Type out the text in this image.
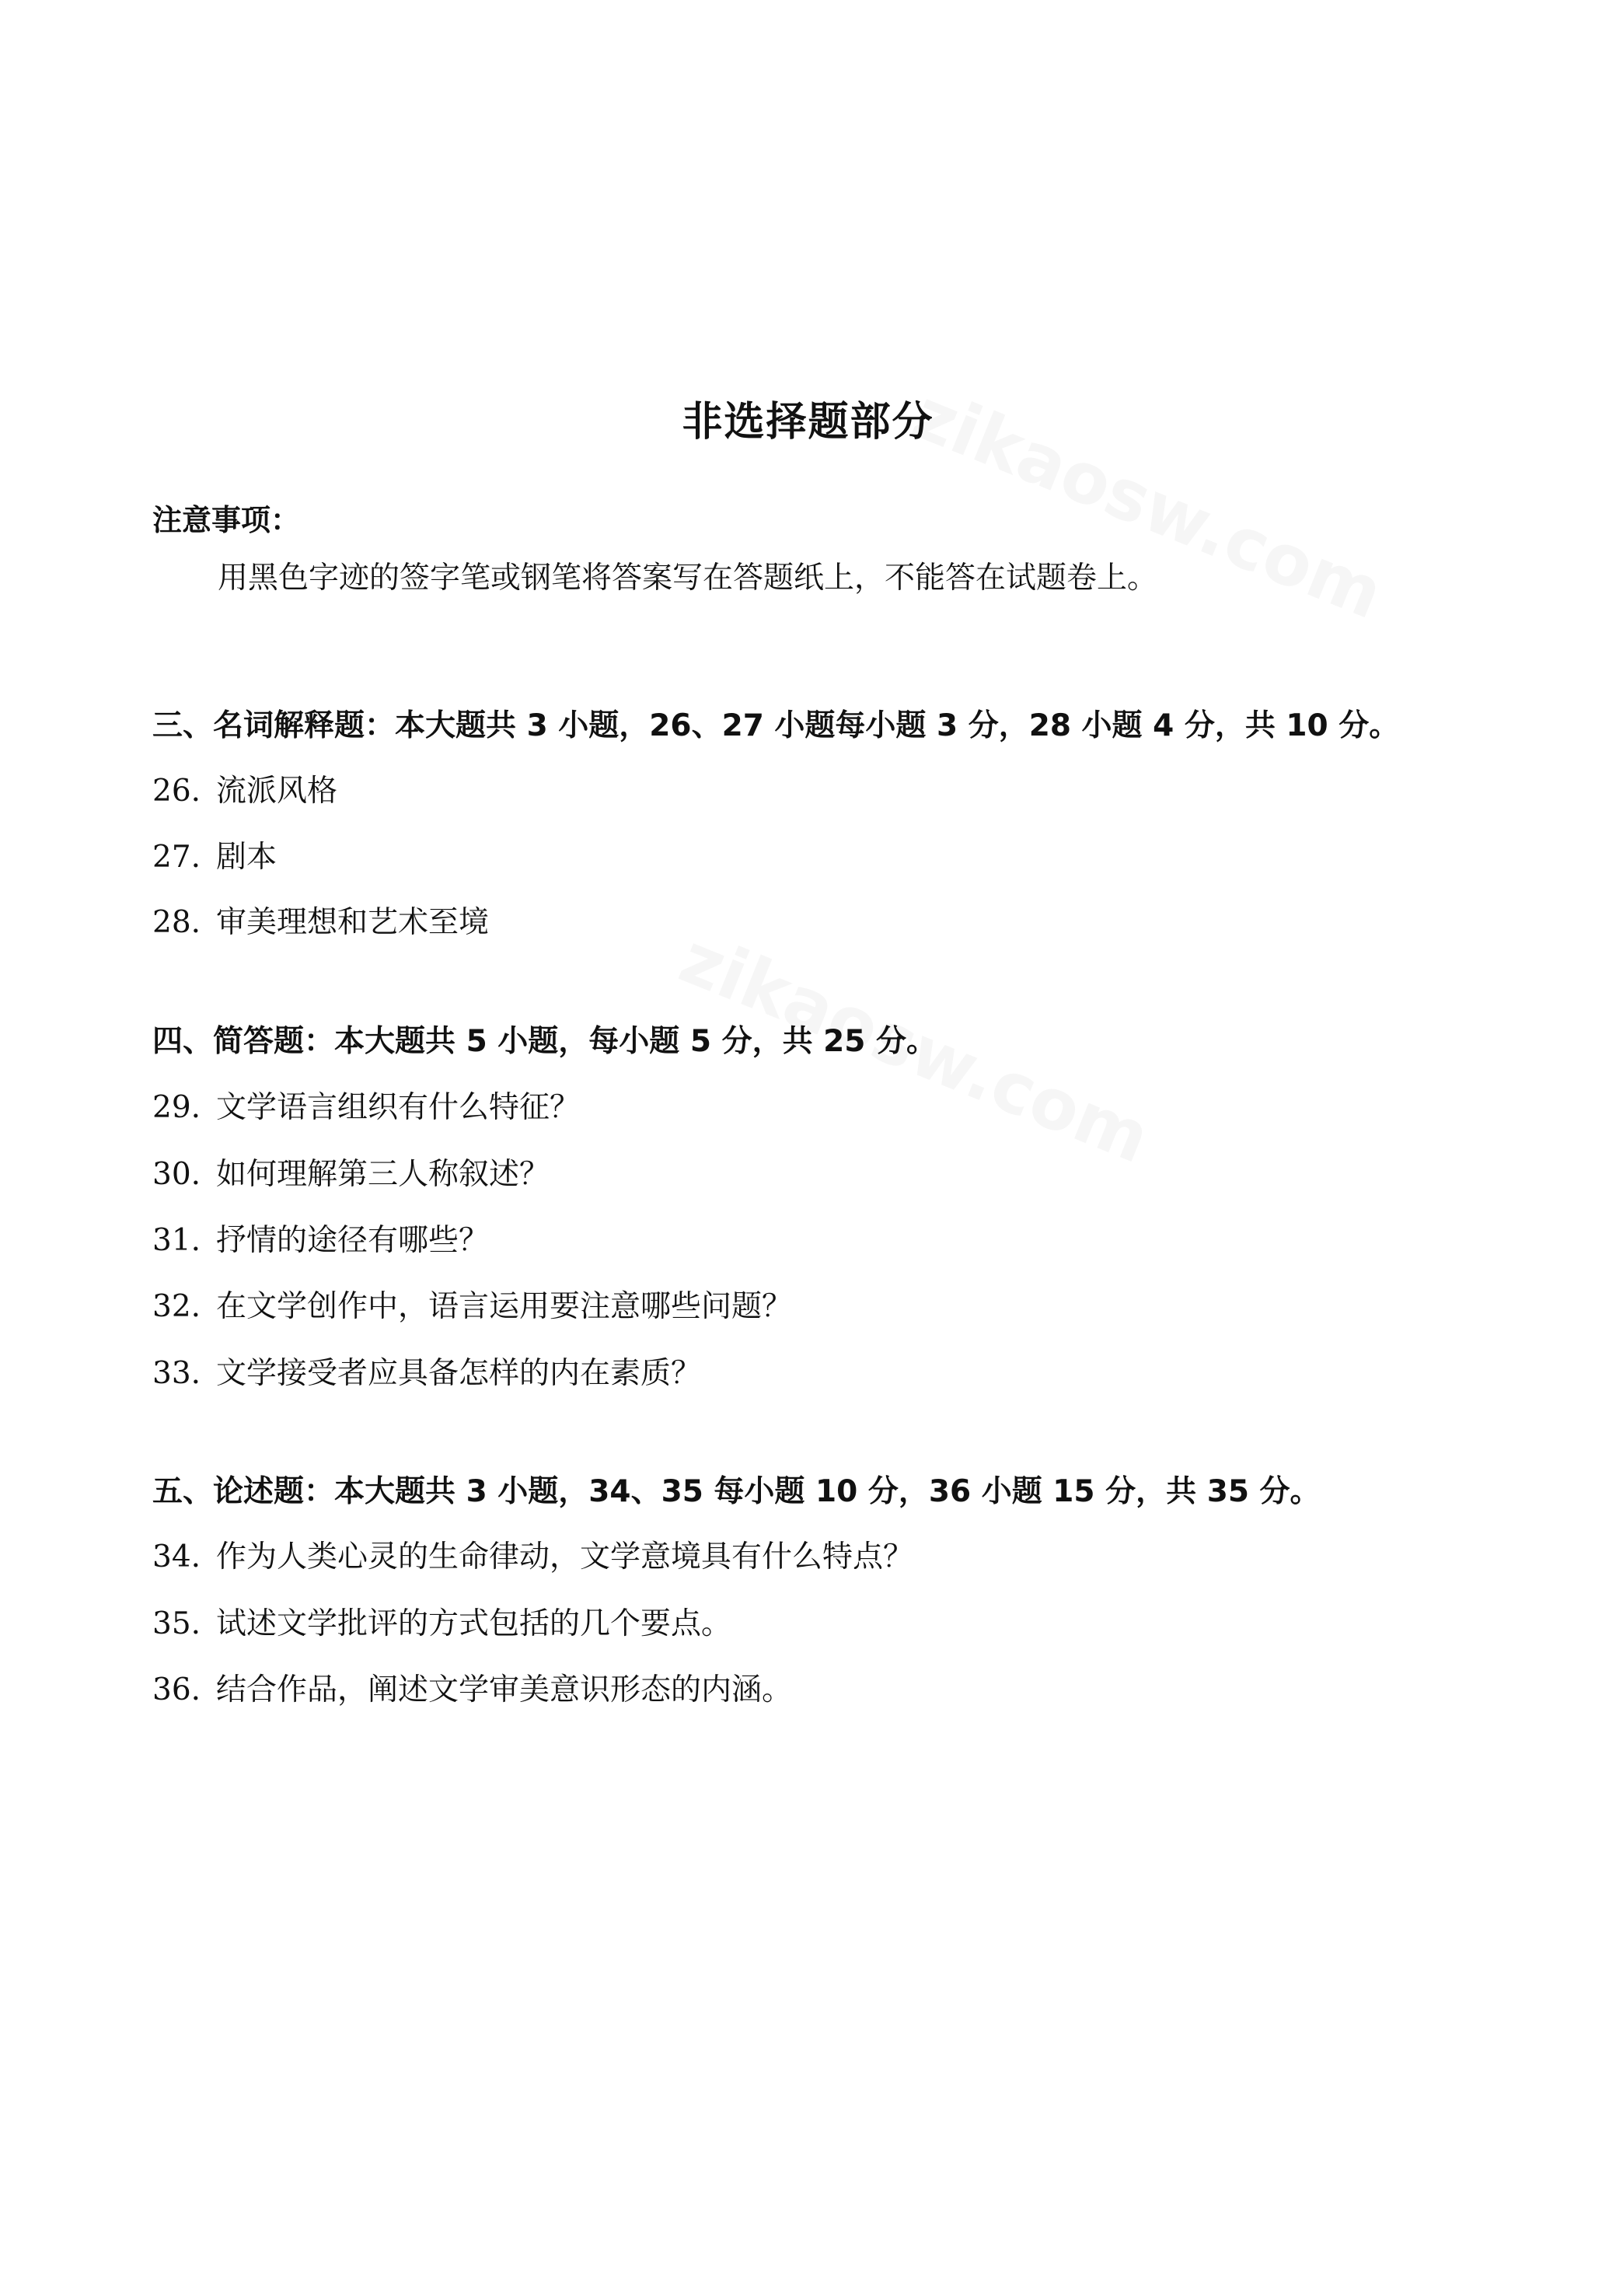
非选择题部分
注意事项：
用黑色字迹的签字笔或钢笔将答案写在答题纸上，不能答在试题卷上。
三、名词解释题：本大题共 3 小题，26、27 小题每小题 3 分，28 小题 4 分，共 10 分。
26. 流派风格
27. 剧本
28. 审美理想和艺术至境
四、简答题：本大题共 5 小题，每小题 5 分，共 25 分。
29. 文学语言组织有什么特征？
30. 如何理解第三人称叙述？
31. 抒情的途径有哪些？
32. 在文学创作中，语言运用要注意哪些问题？
33. 文学接受者应具备怎样的内在素质？
五、论述题：本大题共 3 小题，34、35 每小题 10 分，36 小题 15 分，共 35 分。
34. 作为人类心灵的生命律动，文学意境具有什么特点？
35. 试述文学批评的方式包括的几个要点。
36. 结合作品，阐述文学审美意识形态的内涵。
